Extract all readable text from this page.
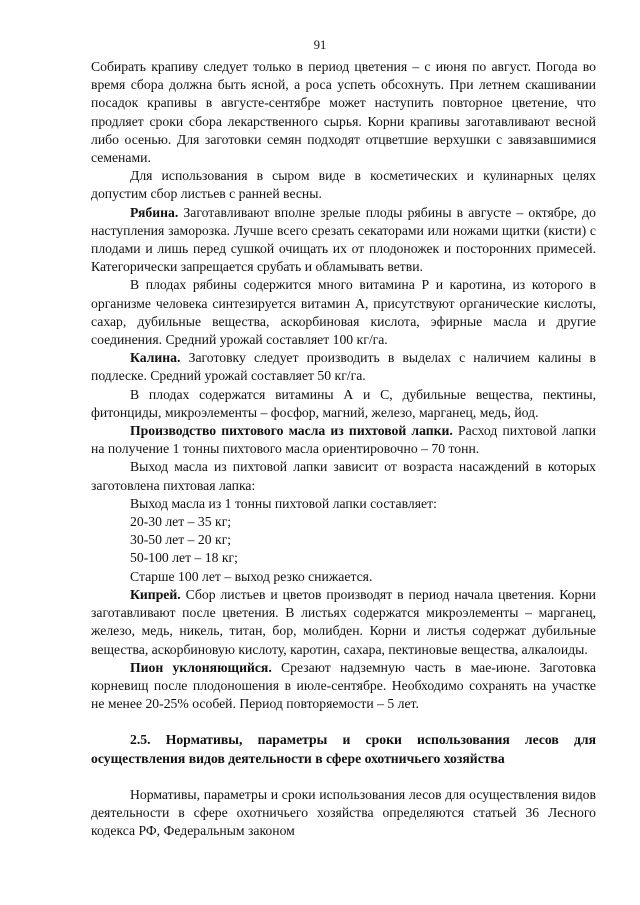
91

Собирать крапиву следует только в период цветения – с июня по август. Погода во время сбора должна быть ясной, а роса успеть обсохнуть. При летнем скашивании посадок крапивы в августе-сентябре может наступить повторное цветение, что продляет сроки сбора лекарственного сырья. Корни крапивы заготавливают весной либо осенью. Для заготовки семян подходят отцветшие верхушки с завязавшимися семенами.

Для использования в сыром виде в косметических и кулинарных целях допустим сбор листьев с ранней весны.

Рябина. Заготавливают вполне зрелые плоды рябины в августе – октябре, до наступления заморозка. Лучше всего срезать секаторами или ножами щитки (кисти) с плодами и лишь перед сушкой очищать их от плодоножек и посторонних примесей. Категорически запрещается срубать и обламывать ветви.

В плодах рябины содержится много витамина Р и каротина, из которого в организме человека синтезируется витамин А, присутствуют органические кислоты, сахар, дубильные вещества, аскорбиновая кислота, эфирные масла и другие соединения. Средний урожай составляет 100 кг/га.

Калина. Заготовку следует производить в выделах с наличием калины в подлеске. Средний урожай составляет 50 кг/га.

В плодах содержатся витамины А и С, дубильные вещества, пектины, фитонциды, микроэлементы – фосфор, магний, железо, марганец, медь, йод.

Производство пихтового масла из пихтовой лапки. Расход пихтовой лапки на получение 1 тонны пихтового масла ориентировочно – 70 тонн.

Выход масла из пихтовой лапки зависит от возраста насаждений в которых заготовлена пихтовая лапка:

Выход масла из 1 тонны пихтовой лапки составляет:

20-30 лет – 35 кг;

30-50 лет – 20 кг;

50-100 лет – 18 кг;

Старше 100 лет – выход резко снижается.

Кипрей. Сбор листьев и цветов производят в период начала цветения. Корни заготавливают после цветения. В листьях содержатся микроэлементы – марганец, железо, медь, никель, титан, бор, молибден. Корни и листья содержат дубильные вещества, аскорбиновую кислоту, каротин, сахара, пектиновые вещества, алкалоиды.

Пион уклоняющийся. Срезают надземную часть в мае-июне. Заготовка корневищ после плодоношения в июле-сентябре. Необходимо сохранять на участке не менее 20-25% особей. Период повторяемости – 5 лет.

2.5. Нормативы, параметры и сроки использования лесов для осуществления видов деятельности в сфере охотничьего хозяйства

Нормативы, параметры и сроки использования лесов для осуществления видов деятельности в сфере охотничьего хозяйства определяются статьей 36 Лесного кодекса РФ, Федеральным законом
